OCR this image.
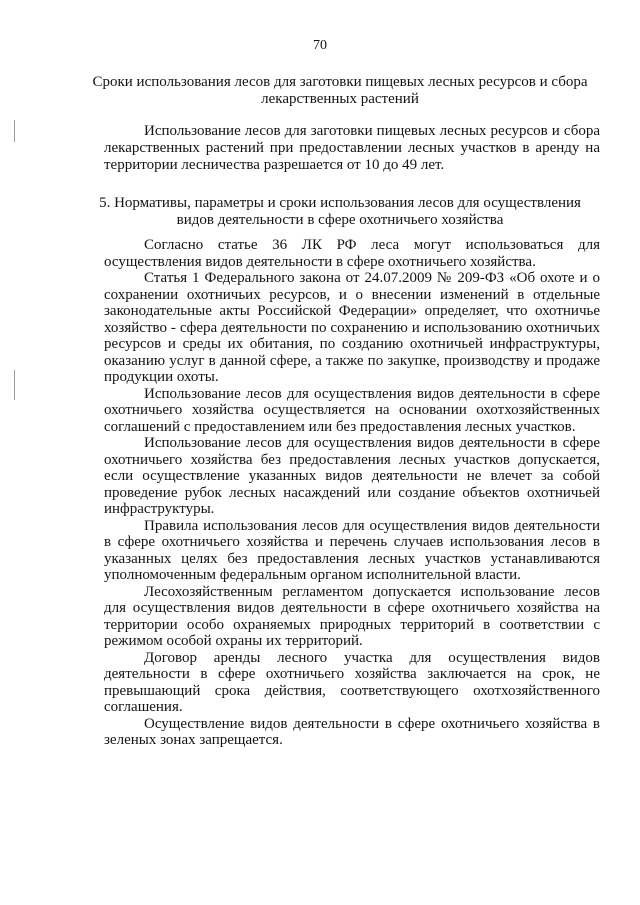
70
Сроки использования лесов для заготовки пищевых лесных ресурсов и сбора лекарственных растений

Использование лесов для заготовки пищевых лесных ресурсов и сбора лекарственных растений при предоставлении лесных участков в аренду на территории лесничества разрешается от 10 до 49 лет.

5. Нормативы, параметры и сроки использования лесов для осуществления видов деятельности в сфере охотничьего хозяйства

Согласно статье 36 ЛК РФ леса могут использоваться для осуществления видов деятельности в сфере охотничьего хозяйства.

Статья 1 Федерального закона от 24.07.2009 № 209-ФЗ «Об охоте и о сохранении охотничьих ресурсов, и о внесении изменений в отдельные законодательные акты Российской Федерации» определяет, что охотничье хозяйство - сфера деятельности по сохранению и использованию охотничьих ресурсов и среды их обитания, по созданию охотничьей инфраструктуры, оказанию услуг в данной сфере, а также по закупке, производству и продаже продукции охоты.

Использование лесов для осуществления видов деятельности в сфере охотничьего хозяйства осуществляется на основании охотхозяйственных соглашений с предоставлением или без предоставления лесных участков.

Использование лесов для осуществления видов деятельности в сфере охотничьего хозяйства без предоставления лесных участков допускается, если осуществление указанных видов деятельности не влечет за собой проведение рубок лесных насаждений или создание объектов охотничьей инфраструктуры.

Правила использования лесов для осуществления видов деятельности в сфере охотничьего хозяйства и перечень случаев использования лесов в указанных целях без предоставления лесных участков устанавливаются уполномоченным федеральным органом исполнительной власти.

Лесохозяйственным регламентом допускается использование лесов для осуществления видов деятельности в сфере охотничьего хозяйства на территории особо охраняемых природных территорий в соответствии с режимом особой охраны их территорий.

Договор аренды лесного участка для осуществления видов деятельности в сфере охотничьего хозяйства заключается на срок, не превышающий срока действия, соответствующего охотхозяйственного соглашения.

Осуществление видов деятельности в сфере охотничьего хозяйства в зеленых зонах запрещается.
